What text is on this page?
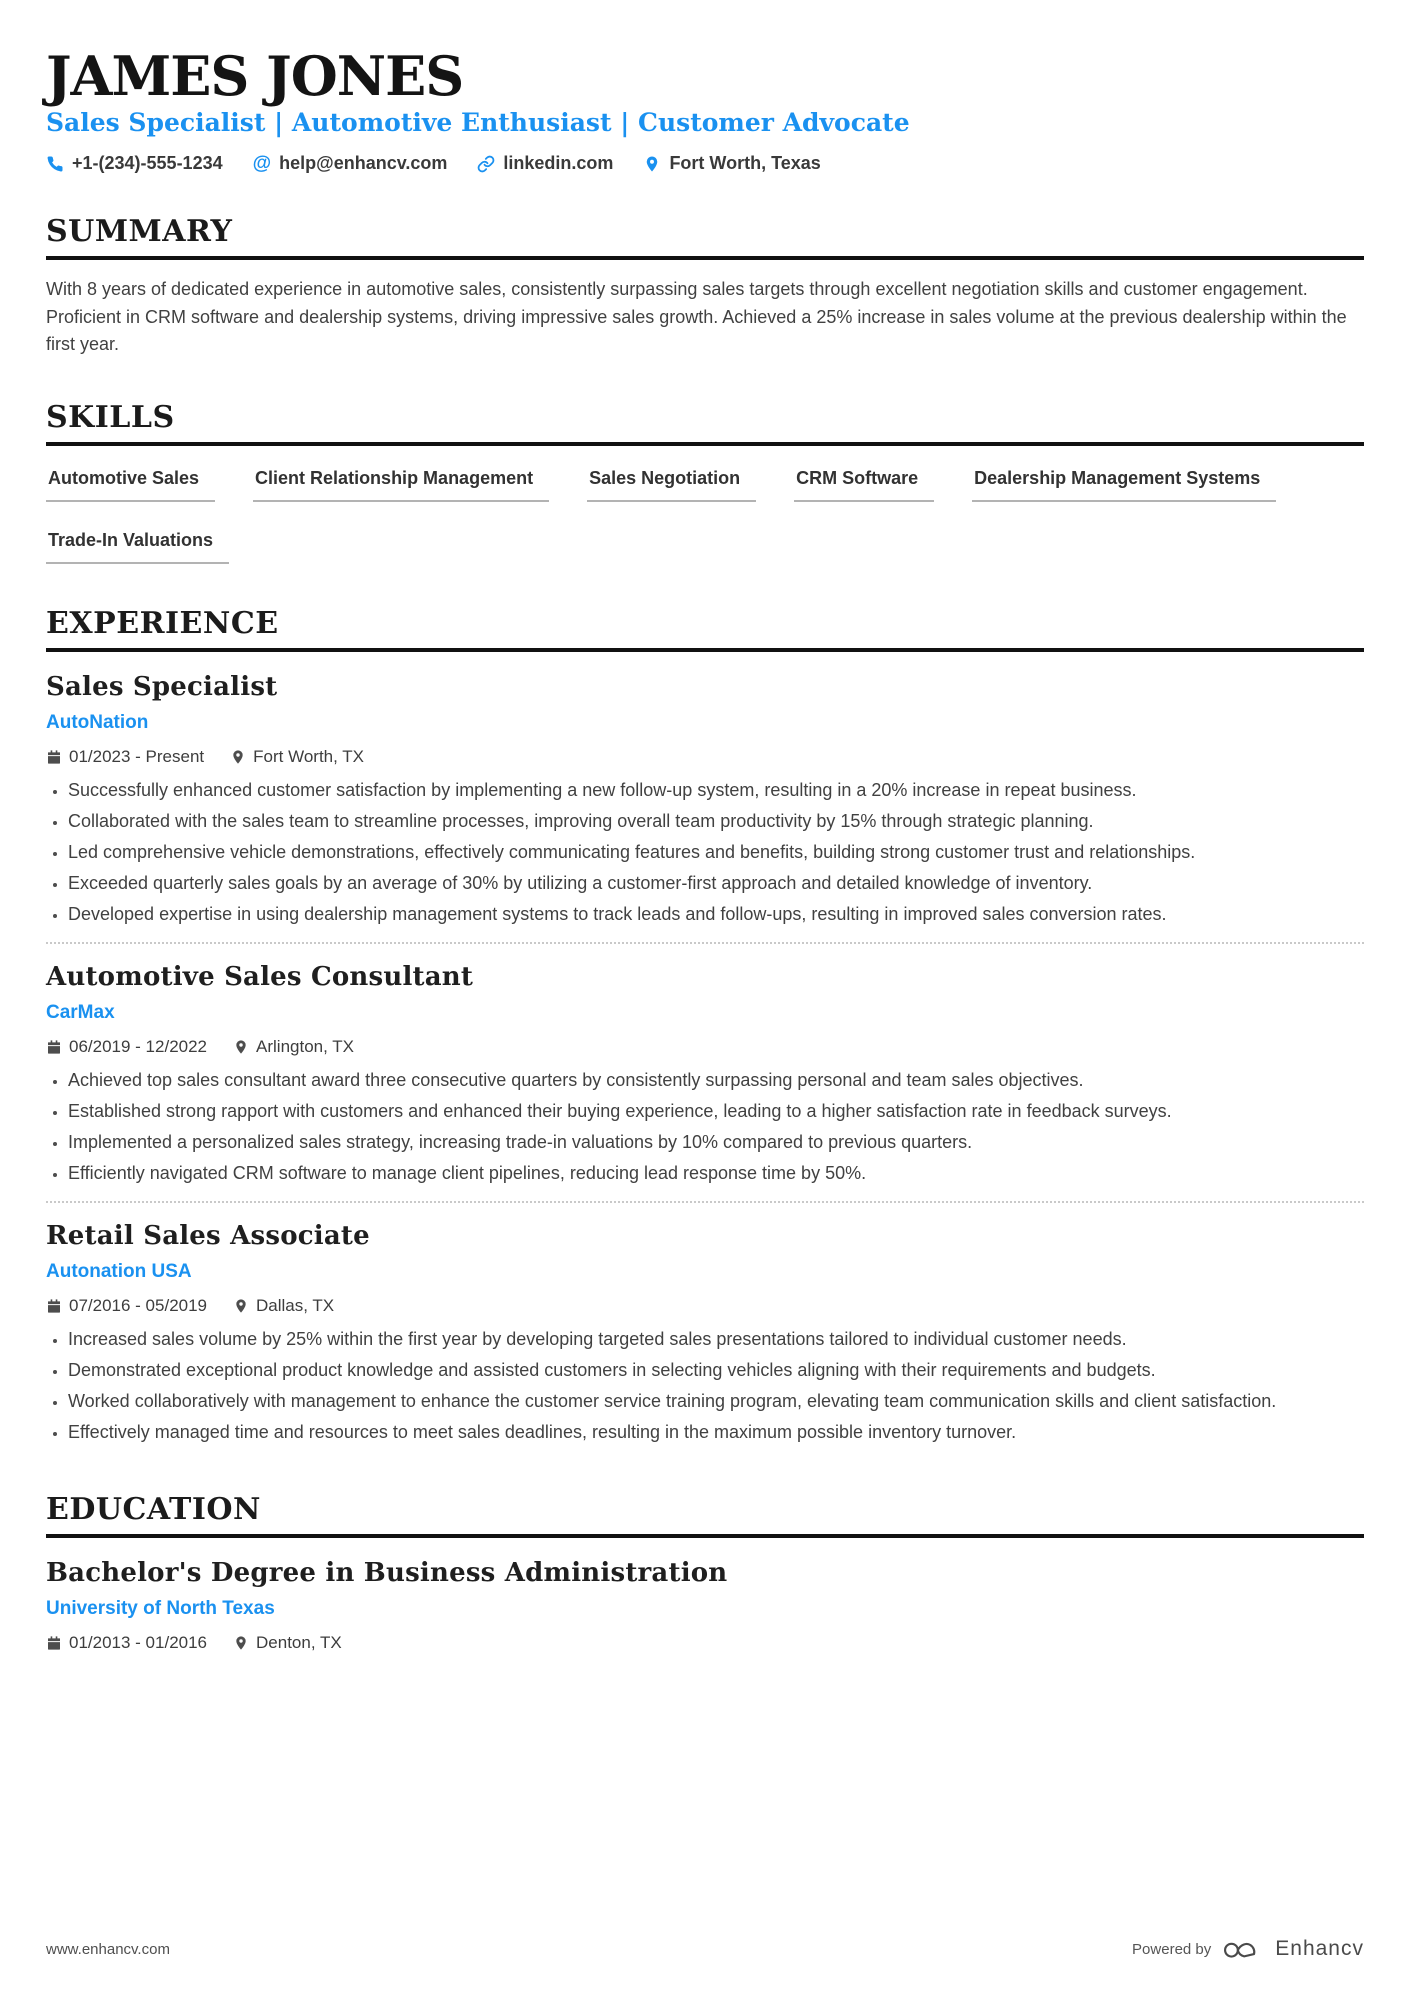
JAMES JONES
Sales Specialist | Automotive Enthusiast | Customer Advocate
+1-(234)-555-1234 @ help@enhancv.com	linkedin.com	Fort Worth, Texas
SUMMARY
With 8 years of dedicated experience in automotive sales, consistently surpassing sales targets through excellent negotiation skills and customer engagement. Proficient in CRM software and dealership systems, driving impressive sales growth. Achieved a 25% increase in sales volume at the previous dealership within the first year.
SKILLS
Automotive Sales	Client Relationship Management	Sales Negotiation	CRM Software	Dealership Management Systems
Trade-In Valuations
EXPERIENCE
Sales Specialist
AutoNation
01/2023 - Present	Fort Worth, TX
• Successfully enhanced customer satisfaction by implementing a new follow-up system, resulting in a 20% increase in repeat business.
• Collaborated with the sales team to streamline processes, improving overall team productivity by 15% through strategic planning.
• Led comprehensive vehicle demonstrations, effectively communicating features and benefits, building strong customer trust and relationships.
• Exceeded quarterly sales goals by an average of 30% by utilizing a customer-first approach and detailed knowledge of inventory.
• Developed expertise in using dealership management systems to track leads and follow-ups, resulting in improved sales conversion rates.
Automotive Sales Consultant
CarMax
06/2019 - 12/2022	Arlington, TX
• Achieved top sales consultant award three consecutive quarters by consistently surpassing personal and team sales objectives.
• Established strong rapport with customers and enhanced their buying experience, leading to a higher satisfaction rate in feedback surveys.
• Implemented a personalized sales strategy, increasing trade-in valuations by 10% compared to previous quarters.
• Efficiently navigated CRM software to manage client pipelines, reducing lead response time by 50%.
Retail Sales Associate
Autonation USA
07/2016 - 05/2019	Dallas, TX
• Increased sales volume by 25% within the first year by developing targeted sales presentations tailored to individual customer needs.
• Demonstrated exceptional product knowledge and assisted customers in selecting vehicles aligning with their requirements and budgets.
• Worked collaboratively with management to enhance the customer service training program, elevating team communication skills and client satisfaction.
• Effectively managed time and resources to meet sales deadlines, resulting in the maximum possible inventory turnover.
EDUCATION
Bachelor's Degree in Business Administration
University of North Texas
01/2013 - 01/2016	Denton, TX
www.enhancv.com	Powered by	Enhancv
